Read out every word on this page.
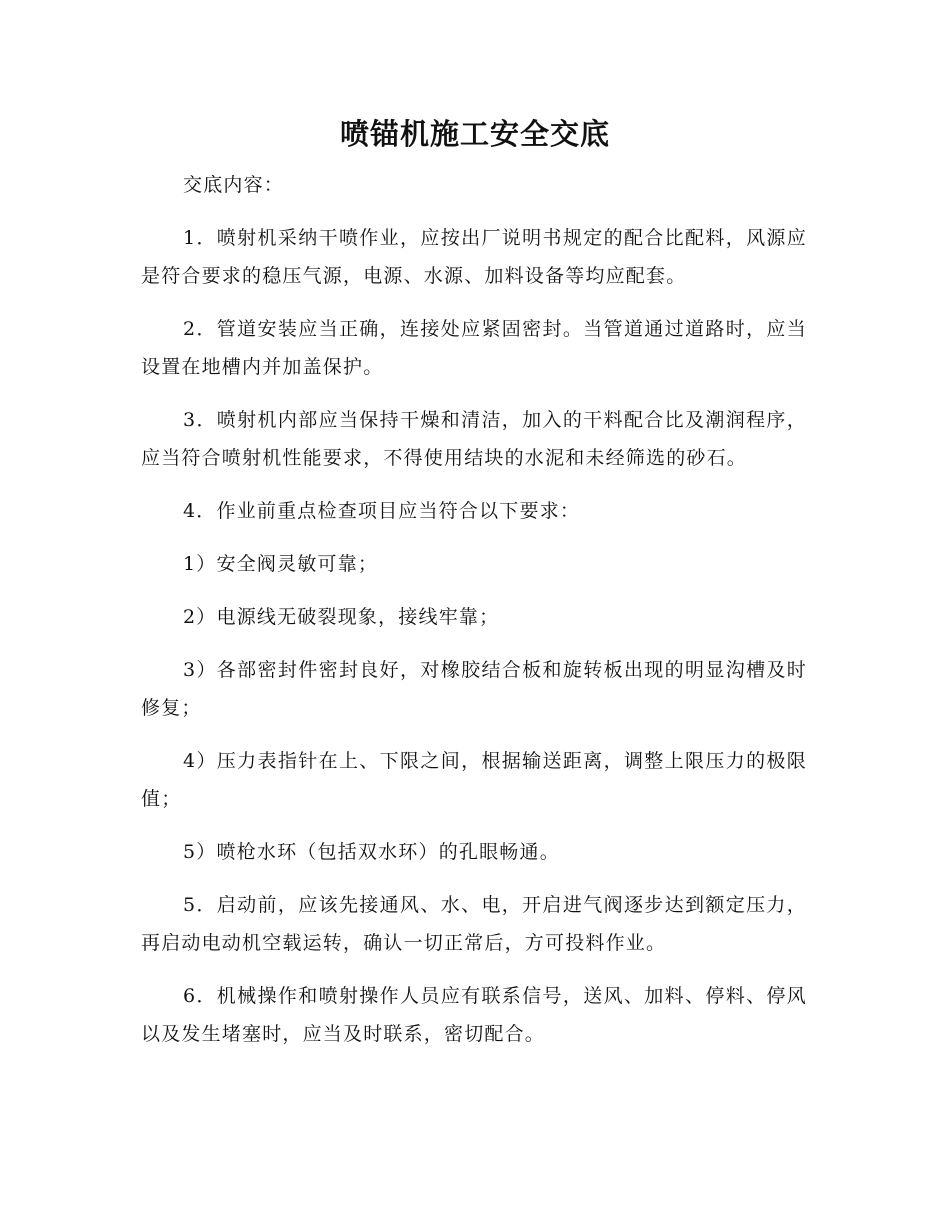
喷锚机施工安全交底

交底内容：

1．喷射机采纳干喷作业，应按出厂说明书规定的配合比配料，风源应是符合要求的稳压气源，电源、水源、加料设备等均应配套。

2．管道安装应当正确，连接处应紧固密封。当管道通过道路时，应当设置在地槽内并加盖保护。

3．喷射机内部应当保持干燥和清洁，加入的干料配合比及潮润程序，应当符合喷射机性能要求，不得使用结块的水泥和未经筛选的砂石。

4．作业前重点检查项目应当符合以下要求：

1）安全阀灵敏可靠；

2）电源线无破裂现象，接线牢靠；

3）各部密封件密封良好，对橡胶结合板和旋转板出现的明显沟槽及时修复；

4）压力表指针在上、下限之间，根据输送距离，调整上限压力的极限值；

5）喷枪水环（包括双水环）的孔眼畅通。

5．启动前，应该先接通风、水、电，开启进气阀逐步达到额定压力，再启动电动机空载运转，确认一切正常后，方可投料作业。

6．机械操作和喷射操作人员应有联系信号，送风、加料、停料、停风以及发生堵塞时，应当及时联系，密切配合。
